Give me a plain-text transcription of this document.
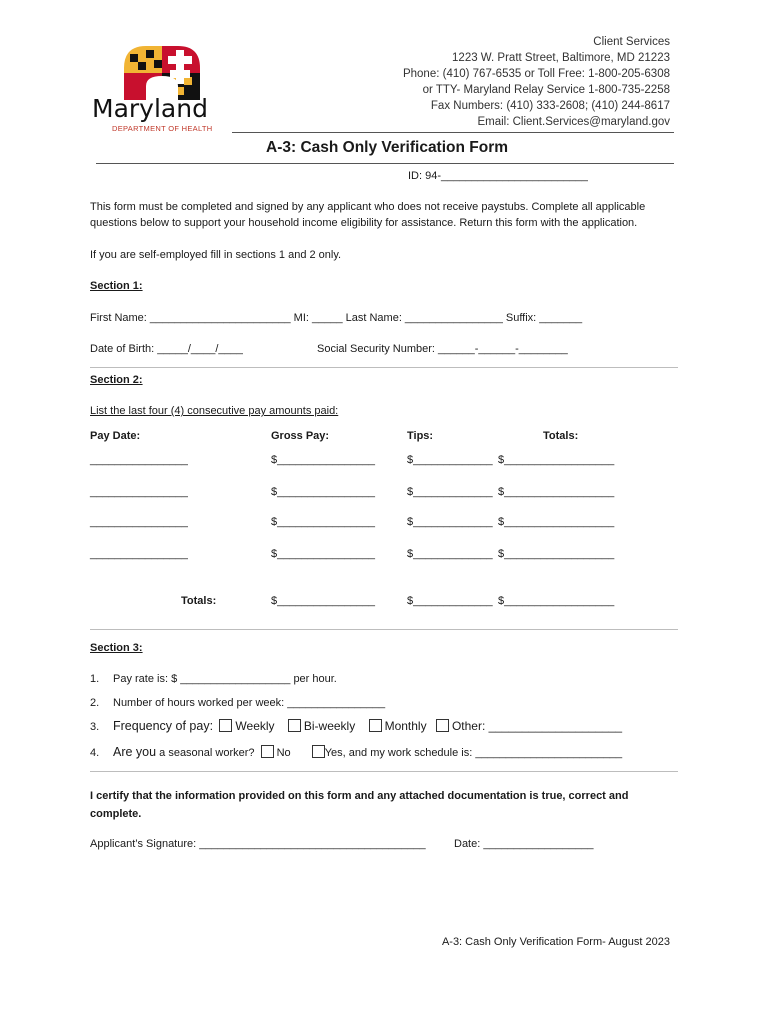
Maryland
DEPARTMENT OF HEALTH
Client Services
1223 W. Pratt Street, Baltimore, MD 21223
Phone: (410) 767-6535 or Toll Free: 1-800-205-6308
or TTY- Maryland Relay Service 1-800-735-2258
Fax Numbers: (410) 333-2608; (410) 244-8617
Email: Client.Services@maryland.gov
A-3: Cash Only Verification Form
ID: 94-________________________
This form must be completed and signed by any applicant who does not receive paystubs. Complete all applicable
questions below to support your household income eligibility for assistance. Return this form with the application.
If you are self-employed fill in sections 1 and 2 only.
Section 1:
First Name: _______________________ MI: _____ Last Name: ________________ Suffix: _______
Date of Birth: _____/____/____	Social Security Number: ______-______-________
Section 2:
List the last four (4) consecutive pay amounts paid:
Pay Date:	Gross Pay:	Tips:	Totals:
________________	$________________	$_____________ $__________________
________________	$________________	$_____________ $__________________
________________	$________________	$_____________ $__________________
________________	$________________	$_____________ $__________________
Totals:	$________________	$_____________ $__________________
Section 3:
1. Pay rate is: $ __________________ per hour.
2. Number of hours worked per week: ________________
3. Frequency of pay: Weekly Bi-weekly Monthly Other: ____________________
4. Are you a seasonal worker? No	Yes, and my work schedule is: ________________________
I certify that the information provided on this form and any attached documentation is true, correct and
complete.
Applicant’s Signature: _____________________________________	Date: __________________
A-3: Cash Only Verification Form- August 2023
